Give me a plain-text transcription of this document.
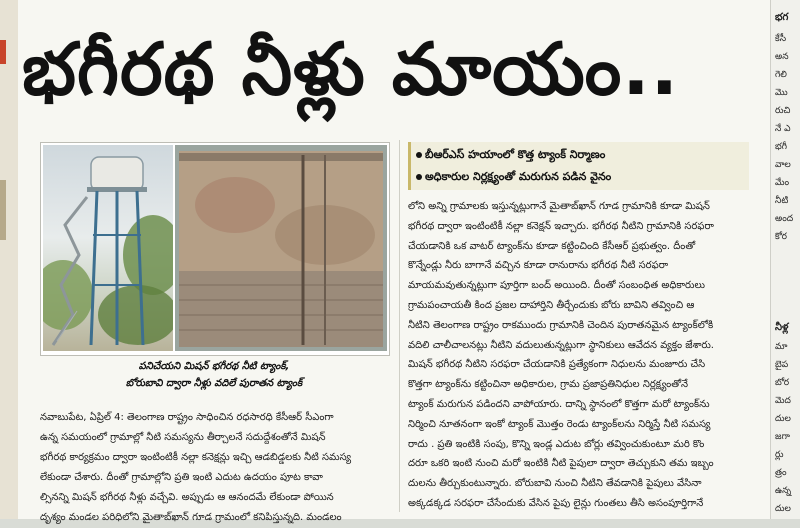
భగీరథ నీళ్లు మాయం..
పనిచేయని మిషన్ భగీరథ నీటి ట్యాంక్,
బోరుబావి ద్వారా నీళ్లు వదిలే పురాతన ట్యాంక్
నవాబుపేట, ఏప్రిల్ 4: తెలంగాణ రాష్ట్రం సాధించిన రధసారధి కేసీఆర్ సీఎంగా
ఉన్న సమయంలో గ్రామాల్లో నీటి సమస్యను తీర్చాలనే సదుద్దేశంతోనే మిషన్
భగీరథ కార్యక్రమం ద్వారా ఇంటింటికీ నల్లా కనెక్షన్లు ఇచ్చి ఆడబిడ్డలకు నీటి సమస్య
లేకుండా చేశారు. దీంతో గ్రామాల్లోని ప్రతి ఇంటి ఎదుట ఉదయం పూట కావా
ల్సినన్ని మిషన్ భగీరథ నీళ్లు వచ్చేవి. అప్పుడు ఆ ఆనందమే లేకుండా పోయిన
దృశ్యం మండల పరిధిలోని మైతాబ్‌ఖాన్ గూడ గ్రామంలో కనిపిస్తున్నది. మండలం
బీఆర్ఎస్ హయాంలో కొత్త ట్యాంక్ నిర్మాణం
అధికారుల నిర్లక్ష్యంతో మరుగున పడిన వైనం
లోని అన్ని గ్రామాలకు ఇస్తున్నట్లుగానే మైతాబ్‌ఖాన్ గూడ గ్రామానికి కూడా మిషన్
భగీరథ ద్వారా ఇంటింటికీ నల్లా కనెక్షన్ ఇచ్చారు. భగీరథ నీటిని గ్రామానికి సరఫరా
చేయడానికి ఒక వాటర్ ట్యాంక్‌ను కూడా కట్టించింది కేసీఆర్ ప్రభుత్వం. దీంతో
కొన్నేండ్లు నీరు బాగానే వచ్చిన కూడా రానురాను భగీరథ నీటి సరఫరా
మాయమవుతున్నట్లుగా పూర్తిగా బంద్ అయింది. దీంతో సంబంధిత అధికారులు
గ్రామపంచాయతీ కింద ప్రజల దాహార్తిని తీర్చేందుకు బోరు బావిని తవ్వించి ఆ
నీటిని తెలంగాణ రాష్ట్రం రాకముందు గ్రామానికి చెందిన పురాతనమైన ట్యాంక్‌లోకి
వదిలి చాలీచాలనట్లు నీటిని వదులుతున్నట్లుగా స్థానికులు ఆవేదన వ్యక్తం జేశారు.
మిషన్ భగీరథ నీటిని సరఫరా చేయడానికి ప్రత్యేకంగా నిధులను మంజూరు చేసి
కొత్తగా ట్యాంక్‌ను కట్టించినా అధికారుల, గ్రామ ప్రజాప్రతినిధుల నిర్లక్ష్యంతోనే
ట్యాంక్ మరుగున పడిందని వాపోయారు. దాన్ని స్థానంలో కొత్తగా మరో ట్యాంక్‌ను
నిర్మించి నూతనంగా ఇంకో ట్యాంక్ మొత్తం రెండు ట్యాంక్‌లను నిర్మిస్తే నీటి సమస్య
రాదు . ప్రతి ఇంటికి సంపు, కొన్ని ఇండ్ల ఎదుట బోర్లు తవ్వించుకుంటూ మరి కొం
దరూ ఒకరి ఇంటి నుంచి మరో ఇంటికి నీటి పైపులా ద్వారా తెచ్చుకుని తమ ఇబ్బం
దులను తీర్చుకుంటున్నారు. బోరుబావి నుంచి నీటిని తేవడానికి పైపులు వేసినా
అక్కడక్కడ సరఫరా చేసేందుకు వేసిన పైపు లైన్లు గుంతలు తీసి అసంపూర్తిగానే
భగ
కేసీ
అన
గెలి
మొ
రుచి
నే ఎ
భగీ
వాల
మేం
నీటి
అంద
కోర
నీళ్ల
మా
బైప
బోర
మెద
దుల
జగా
ర్లు
త్రం
ఉన్న
దుల
